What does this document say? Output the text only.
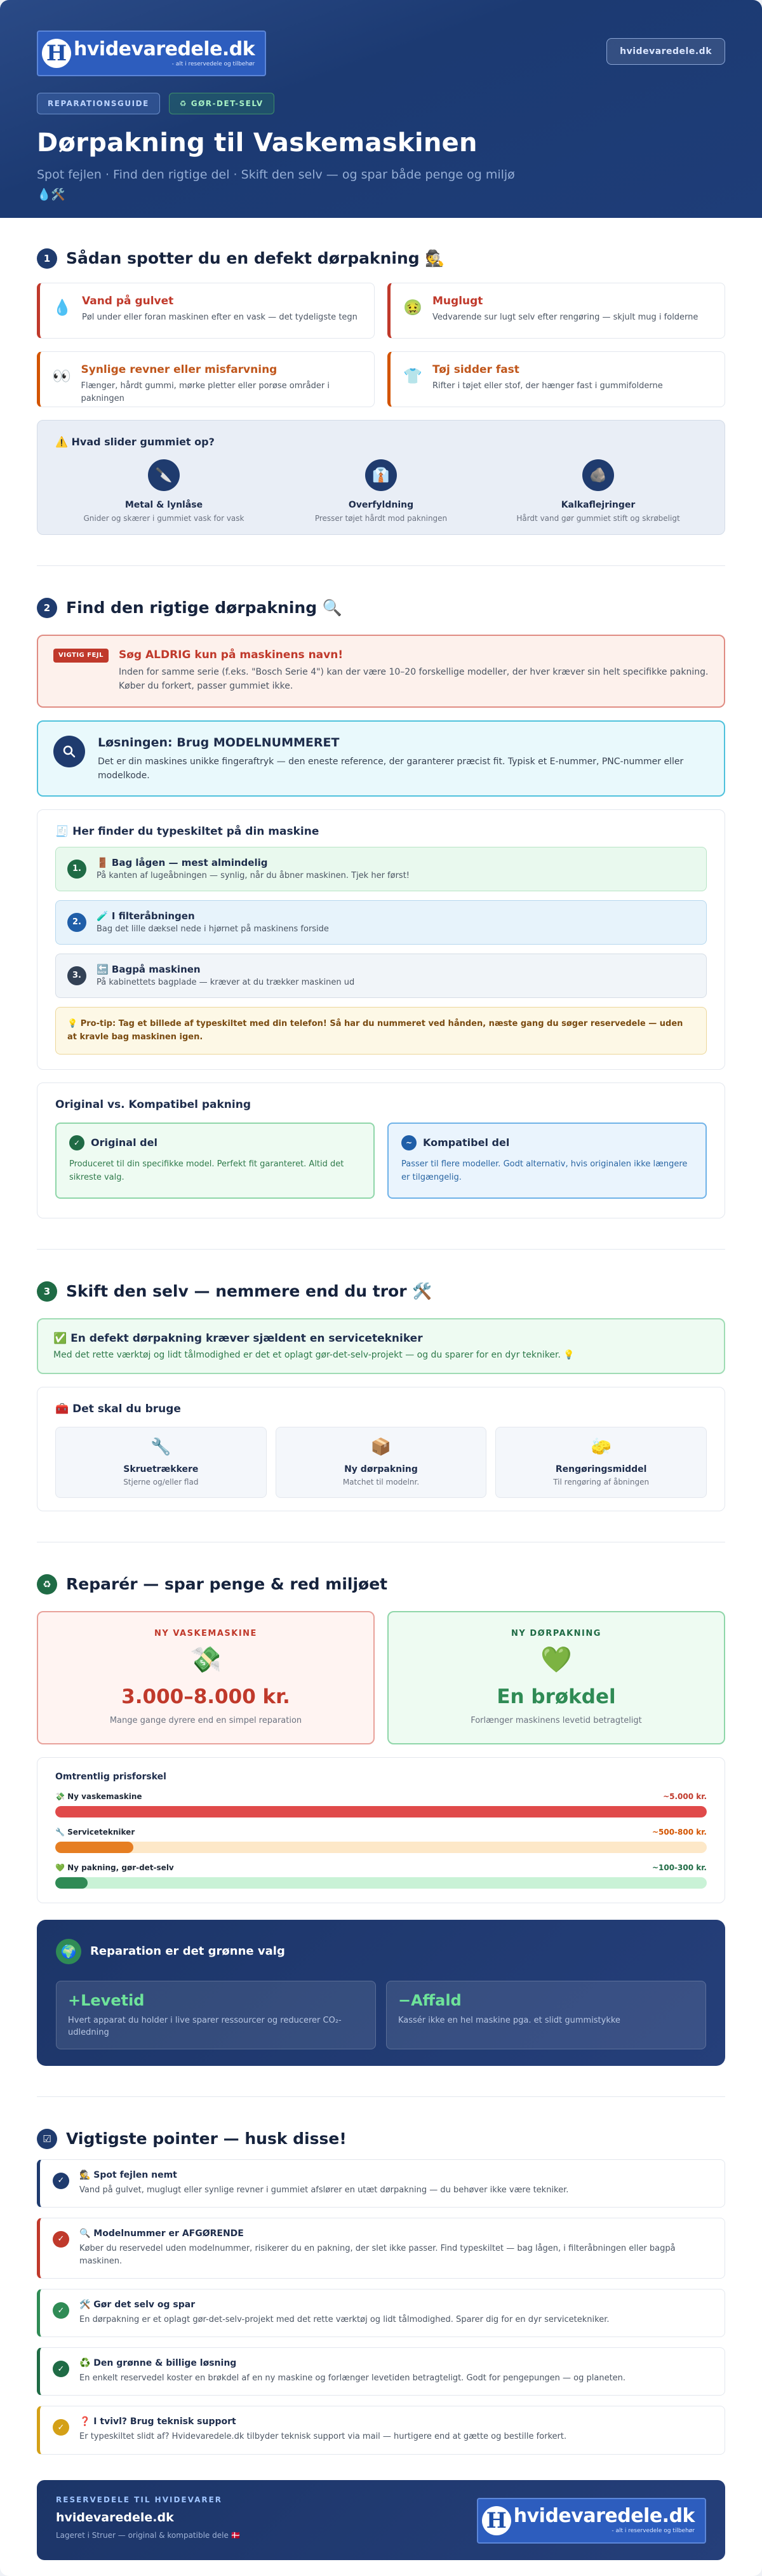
H hvidevaredele.dk
- alt i reservedele og tilbehør
hvidevaredele.dk
REPARATIONSGUIDE	♻ GØR-DET-SELV
Dørpakning til Vaskemaskinen

Spot fejlen · Find den rigtige del · Skift den selv — og spar både penge og miljø

💧🛠️

1 Sådan spotter du en defekt dørpakning 🕵️
💧 Vand på gulvet

Pøl under eller foran maskinen efter en vask — det tydeligste tegn

🤢 Muglugt

Vedvarende sur lugt selv efter rengøring — skjult mug i folderne

👀 Synlige revner eller misfarvning

Flænger, hårdt gummi, mørke pletter eller porøse områder i pakningen

👕 Tøj sidder fast

Rifter i tøjet eller stof, der hænger fast i gummifolderne

⚠️ Hvad slider gummiet op?
🔪
Metal & lynlåse

Gnider og skærer i gummiet vask for vask

👔
Overfyldning

Presser tøjet hårdt mod pakningen

🪨
Kalkaflejringer

Hårdt vand gør gummiet stift og skrøbeligt

2 Find den rigtige dørpakning 🔍
VIGTIG FEJL	Søg ALDRIG kun på maskinens navn!

Inden for samme serie (f.eks. "Bosch Serie 4") kan der være 10–20 forskellige modeller, der hver kræver sin helt specifikke pakning. Køber du forkert, passer gummiet ikke.

Løsningen: Brug MODELNUMMERET

Det er din maskines unikke fingeraftryk — den eneste reference, der garanterer præcist fit. Typisk et E-nummer, PNC-nummer eller modelkode.

🧾 Her finder du typeskiltet på din maskine
1.
🚪 Bag lågen — mest almindelig

På kanten af lugeåbningen — synlig, når du åbner maskinen. Tjek her først!

2.
🧪 I filteråbningen

Bag det lille dæksel nede i hjørnet på maskinens forside

3.
🔙 Bagpå maskinen

På kabinettets bagplade — kræver at du trækker maskinen ud

💡 Pro-tip: Tag et billede af typeskiltet med din telefon! Så har du nummeret ved hånden, næste gang du søger reservedele — uden at kravle bag maskinen igen.
Original vs. Kompatibel pakning
✓	Original del

Produceret til din specifikke model. Perfekt fit garanteret. Altid det sikreste valg.

~	Kompatibel del

Passer til flere modeller. Godt alternativ, hvis originalen ikke længere er tilgængelig.

3 Skift den selv — nemmere end du tror 🛠️
✅ En defekt dørpakning kræver sjældent en servicetekniker

Med det rette værktøj og lidt tålmodighed er det et oplagt gør-det-selv-projekt — og du sparer for en dyr tekniker. 💡

🧰 Det skal du bruge
🔧
Skruetrækkere

Stjerne og/eller flad

📦
Ny dørpakning

Matchet til modelnr.

🧽
Rengøringsmiddel

Til rengøring af åbningen

♻ Reparér — spar penge & red miljøet
NY VASKEMASKINE
💸
3.000–8.000 kr.
Mange gange dyrere end en simpel reparation
NY DØRPAKNING
💚
En brøkdel
Forlænger maskinens levetid betragteligt
Omtrentlig prisforskel
💸 Ny vaskemaskine	~5.000 kr.
🔧 Servicetekniker	~500-800 kr.
💚 Ny pakning, gør-det-selv	~100-300 kr.
🌍	Reparation er det grønne valg
+Levetid

Hvert apparat du holder i live sparer ressourcer og reducerer CO₂-udledning

−Affald

Kassér ikke en hel maskine pga. et slidt gummistykke

☑ Vigtigste pointer — husk disse!
✓
🕵️ Spot fejlen nemt

Vand på gulvet, muglugt eller synlige revner i gummiet afslører en utæt dørpakning — du behøver ikke være tekniker.

✓
🔍 Modelnummer er AFGØRENDE

Køber du reservedel uden modelnummer, risikerer du en pakning, der slet ikke passer. Find typeskiltet — bag lågen, i filteråbningen eller bagpå maskinen.

✓
🛠️ Gør det selv og spar

En dørpakning er et oplagt gør-det-selv-projekt med det rette værktøj og lidt tålmodighed. Sparer dig for en dyr servicetekniker.

✓
♻️ Den grønne & billige løsning

En enkelt reservedel koster en brøkdel af en ny maskine og forlænger levetiden betragteligt. Godt for pengepungen — og planeten.

✓
❓ I tvivl? Brug teknisk support

Er typeskiltet slidt af? Hvidevaredele.dk tilbyder teknisk support via mail — hurtigere end at gætte og bestille forkert.

RESERVEDELE TIL HVIDEVARER
hvidevaredele.dk
Lageret i Struer — original & kompatible dele 🇩🇰
H hvidevaredele.dk
- alt i reservedele og tilbehør
